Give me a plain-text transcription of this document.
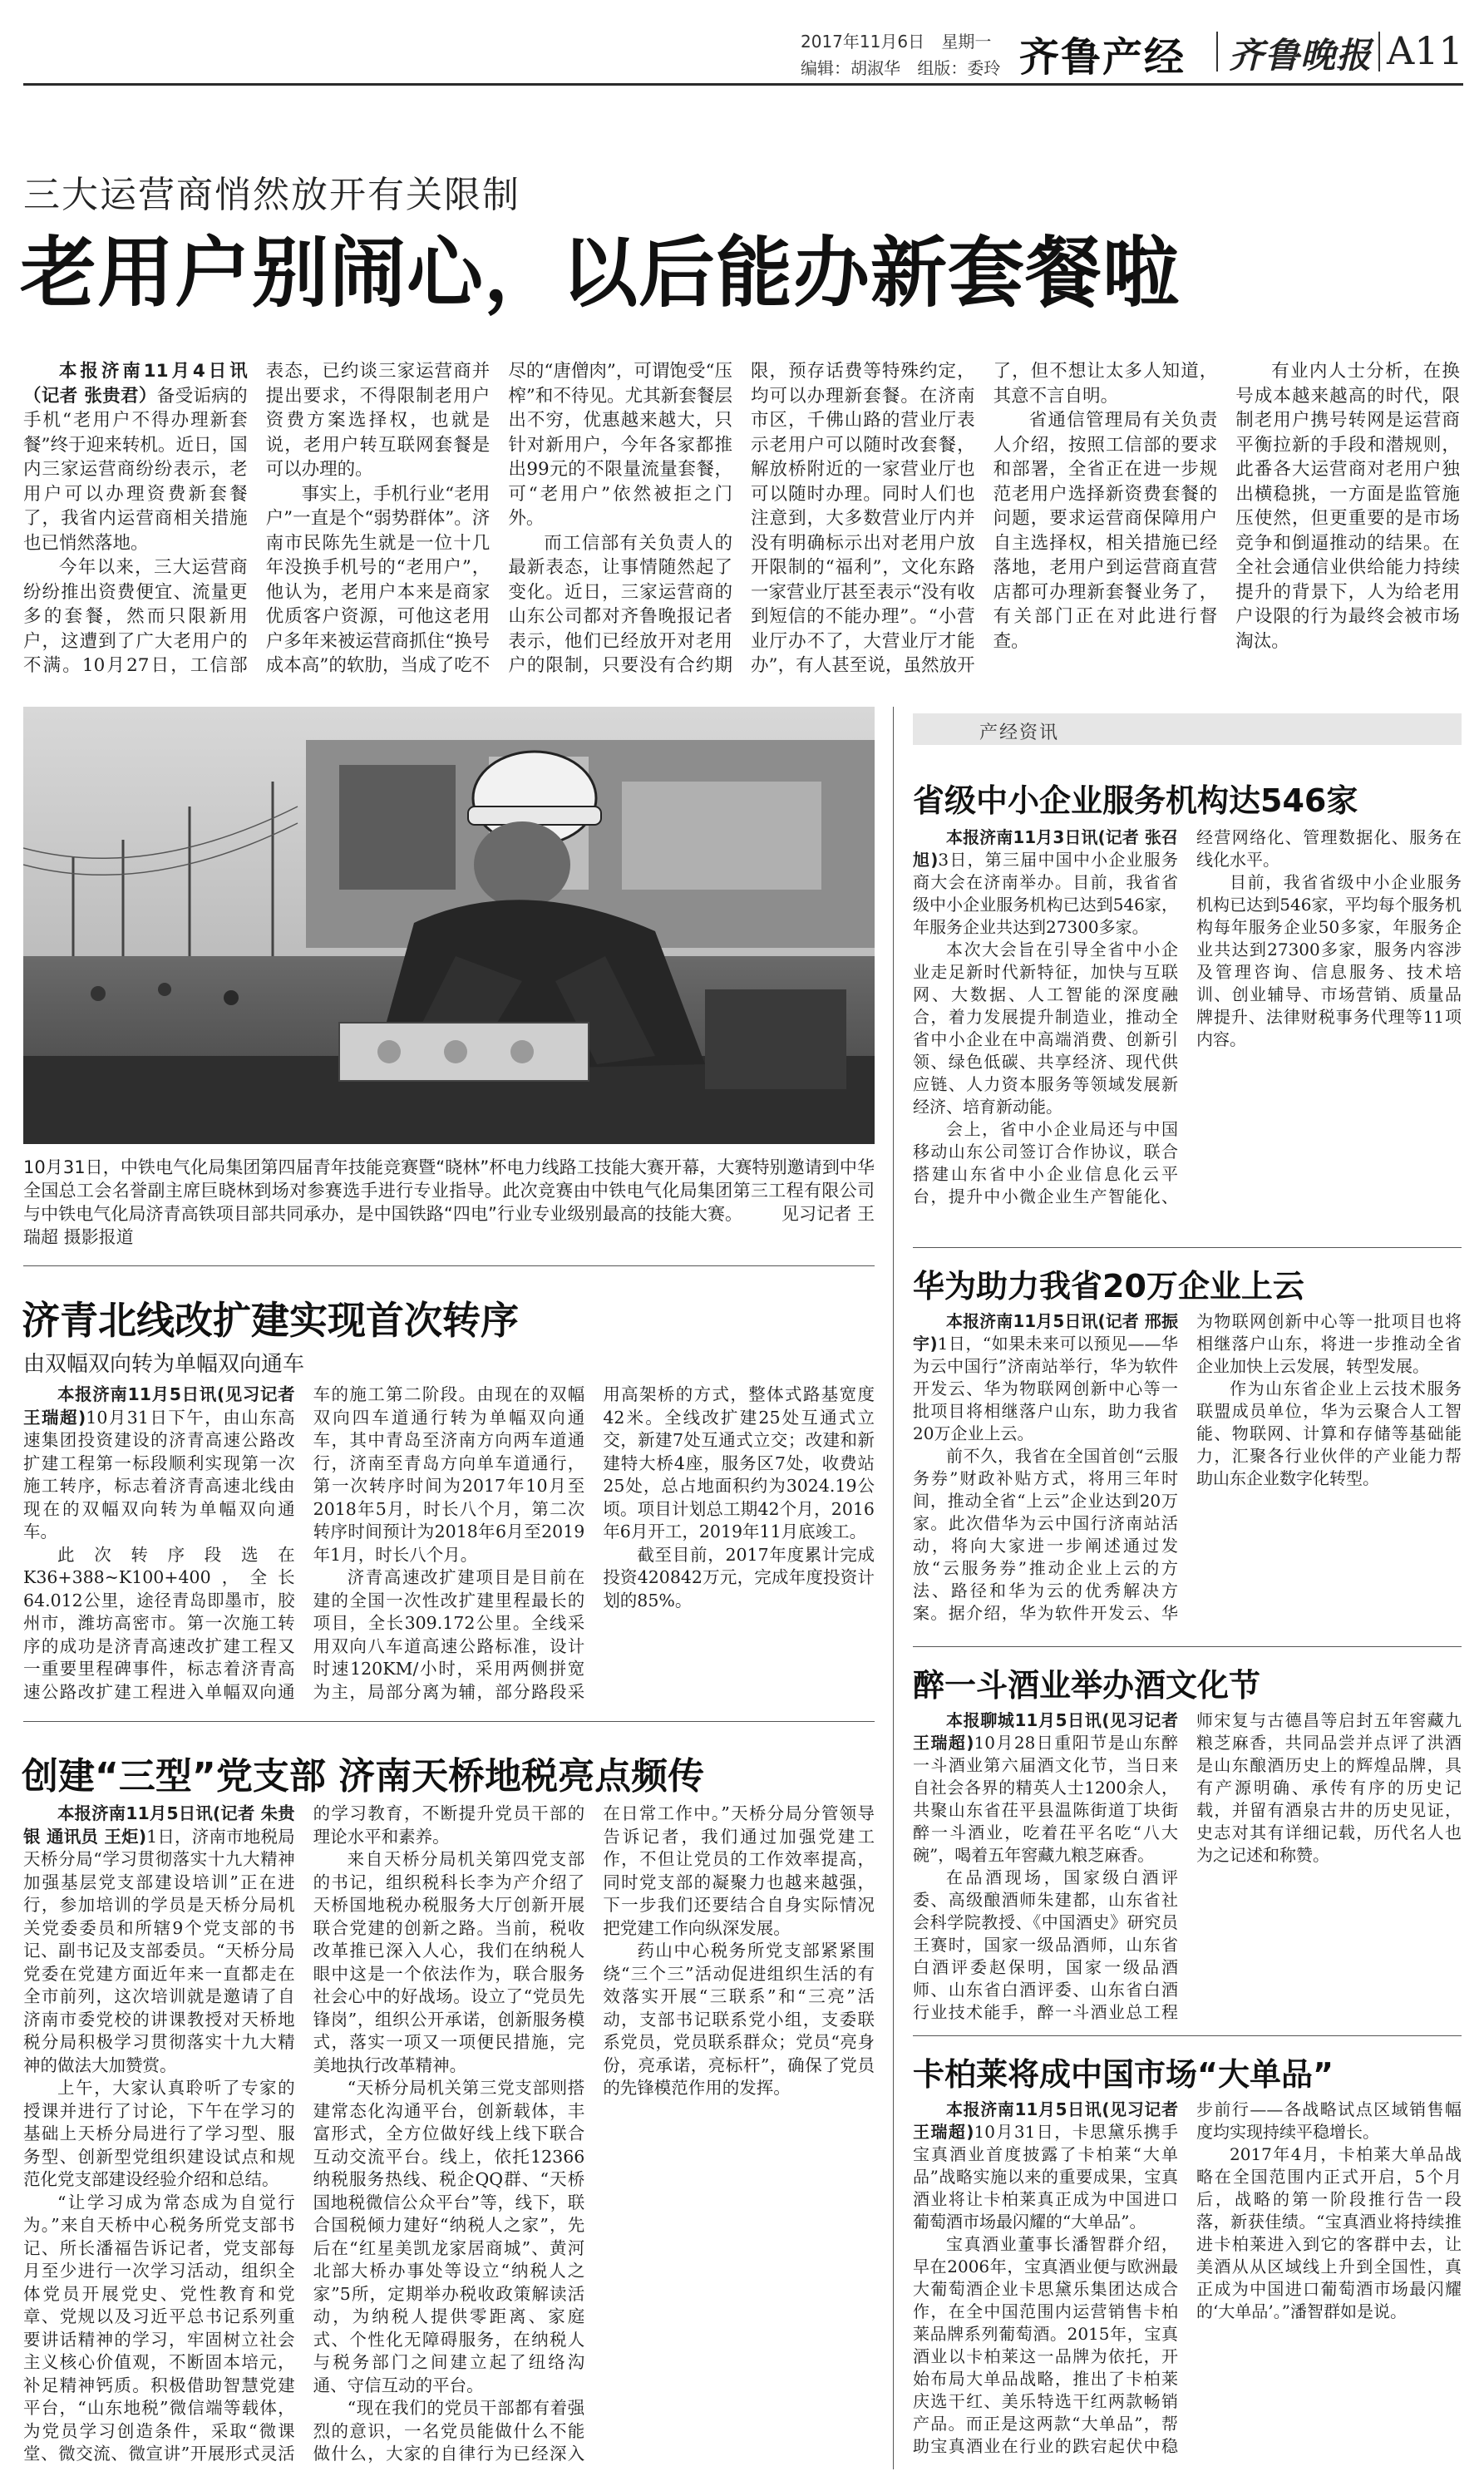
2017年11月6日 星期一
编辑：胡淑华 组版：委玲 齐鲁产经 齐鲁晚报 A11
三大运营商悄然放开有关限制
老用户别闹心，以后能办新套餐啦

本报济南11月4日讯（记者 张贵君）备受诟病的手机“老用户不得办理新套餐”终于迎来转机。近日，国内三家运营商纷纷表示，老用户可以办理资费新套餐了，我省内运营商相关措施也已悄然落地。

今年以来，三大运营商纷纷推出资费便宜、流量更多的套餐，然而只限新用户，这遭到了广大老用户的不满。10月27日，工信部表态，已约谈三家运营商并提出要求，不得限制老用户资费方案选择权，也就是说，老用户转互联网套餐是可以办理的。

事实上，手机行业“老用户”一直是个“弱势群体”。济南市民陈先生就是一位十几年没换手机号的“老用户”，他认为，老用户本来是商家优质客户资源，可他这老用户多年来被运营商抓住“换号成本高”的软肋，当成了吃不尽的“唐僧肉”，可谓饱受“压榨”和不待见。尤其新套餐层出不穷，优惠越来越大，只针对新用户，今年各家都推出99元的不限量流量套餐，可“老用户”依然被拒之门外。

而工信部有关负责人的最新表态，让事情随然起了变化。近日，三家运营商的山东公司都对齐鲁晚报记者表示，他们已经放开对老用户的限制，只要没有合约期限，预存话费等特殊约定，均可以办理新套餐。在济南市区，千佛山路的营业厅表示老用户可以随时改套餐，解放桥附近的一家营业厅也可以随时办理。同时人们也注意到，大多数营业厅内并没有明确标示出对老用户放开限制的“福利”，文化东路一家营业厅甚至表示“没有收到短信的不能办理”。“小营业厅办不了，大营业厅才能办”，有人甚至说，虽然放开了，但不想让太多人知道，其意不言自明。

省通信管理局有关负责人介绍，按照工信部的要求和部署，全省正在进一步规范老用户选择新资费套餐的问题，要求运营商保障用户自主选择权，相关措施已经落地，老用户到运营商直营店都可办理新套餐业务了，有关部门正在对此进行督查。

有业内人士分析，在换号成本越来越高的时代，限制老用户携号转网是运营商平衡拉新的手段和潜规则，此番各大运营商对老用户独出横稳挑，一方面是监管施压使然，但更重要的是市场竞争和倒逼推动的结果。在全社会通信业供给能力持续提升的背景下，人为给老用户设限的行为最终会被市场淘汰。

10月31日，中铁电气化局集团第四届青年技能竞赛暨“晓林”杯电力线路工技能大赛开幕，大赛特别邀请到中华全国总工会名誉副主席巨晓林到场对参赛选手进行专业指导。此次竞赛由中铁电气化局集团第三工程有限公司与中铁电气化局济青高铁项目部共同承办，是中国铁路“四电”行业专业级别最高的技能大赛。 见习记者 王瑞超 摄影报道
济青北线改扩建实现首次转序
由双幅双向转为单幅双向通车

本报济南11月5日讯(见习记者 王瑞超)10月31日下午，由山东高速集团投资建设的济青高速公路改扩建工程第一标段顺利实现第一次施工转序，标志着济青高速北线由现在的双幅双向转为单幅双向通车。

此次转序段选在K36+388~K100+400，全长64.012公里，途径青岛即墨市，胶州市，潍坊高密市。第一次施工转序的成功是济青高速改扩建工程又一重要里程碑事件，标志着济青高速公路改扩建工程进入单幅双向通车的施工第二阶段。由现在的双幅双向四车道通行转为单幅双向通车，其中青岛至济南方向两车道通行，济南至青岛方向单车道通行，第一次转序时间为2017年10月至2018年5月，时长八个月，第二次转序时间预计为2018年6月至2019年1月，时长八个月。

济青高速改扩建项目是目前在建的全国一次性改扩建里程最长的项目，全长309.172公里。全线采用双向八车道高速公路标准，设计时速120KM/小时，采用两侧拼宽为主，局部分离为辅，部分路段采用高架桥的方式，整体式路基宽度42米。全线改扩建25处互通式立交，新建7处互通式立交；改建和新建特大桥4座，服务区7处，收费站25处，总占地面积约为3024.19公顷。项目计划总工期42个月，2016年6月开工，2019年11月底竣工。

截至目前，2017年度累计完成投资420842万元，完成年度投资计划的85%。

创建“三型”党支部 济南天桥地税亮点频传

本报济南11月5日讯(记者 朱贵银 通讯员 王炬)1日，济南市地税局天桥分局“学习贯彻落实十九大精神加强基层党支部建设培训”正在进行，参加培训的学员是天桥分局机关党委委员和所辖9个党支部的书记、副书记及支部委员。“天桥分局党委在党建方面近年来一直都走在全市前列，这次培训就是邀请了自济南市委党校的讲课教授对天桥地税分局积极学习贯彻落实十九大精神的做法大加赞赏。

上午，大家认真聆听了专家的授课并进行了讨论，下午在学习的基础上天桥分局进行了学习型、服务型、创新型党组织建设试点和规范化党支部建设经验介绍和总结。

“让学习成为常态成为自觉行为。”来自天桥中心税务所党支部书记、所长潘福告诉记者，党支部每月至少进行一次学习活动，组织全体党员开展党史、党性教育和党章、党规以及习近平总书记系列重要讲话精神的学习，牢固树立社会主义核心价值观，不断固本培元，补足精神钙质。积极借助智慧党建平台，“山东地税”微信端等载体，为党员学习创造条件，采取“微课堂、微交流、微宣讲”开展形式灵活的学习教育，不断提升党员干部的理论水平和素养。

来自天桥分局机关第四党支部的书记，组织税科长李为产介绍了天桥国地税办税服务大厅创新开展联合党建的创新之路。当前，税收改革推已深入人心，我们在纳税人眼中这是一个依法作为，联合服务社会心中的好战场。设立了“党员先锋岗”，组织公开承诺，创新服务模式，落实一项又一项便民措施，完美地执行改革精神。

“天桥分局机关第三党支部则搭建常态化沟通平台，创新载体，丰富形式，全方位做好线上线下联合互动交流平台。线上，依托12366纳税服务热线、税企QQ群、“天桥国地税微信公众平台”等，线下，联合国税倾力建好“纳税人之家”，先后在“红星美凯龙家居商城”、黄河北部大桥办事处等设立“纳税人之家”5所，定期举办税收政策解读活动，为纳税人提供零距离、家庭式、个性化无障碍服务，在纳税人与税务部门之间建立起了纽络沟通、守信互动的平台。

“现在我们的党员干部都有着强烈的意识，一名党员能做什么不能做什么，大家的自律行为已经深入在日常工作中。”天桥分局分管领导告诉记者，我们通过加强党建工作，不但让党员的工作效率提高，同时党支部的凝聚力也越来越强，下一步我们还要结合自身实际情况把党建工作向纵深发展。

药山中心税务所党支部紧紧围绕“三个三”活动促进组织生活的有效落实开展“三联系”和“三亮”活动，支部书记联系党小组，支委联系党员，党员联系群众；党员“亮身份，亮承诺，亮标杆”，确保了党员的先锋模范作用的发挥。

产经资讯
省级中小企业服务机构达546家

本报济南11月3日讯(记者 张召旭)3日，第三届中国中小企业服务商大会在济南举办。目前，我省省级中小企业服务机构已达到546家，年服务企业共达到27300多家。

本次大会旨在引导全省中小企业走足新时代新特征，加快与互联网、大数据、人工智能的深度融合，着力发展提升制造业，推动全省中小企业在中高端消费、创新引领、绿色低碳、共享经济、现代供应链、人力资本服务等领域发展新经济、培育新动能。

会上，省中小企业局还与中国移动山东公司签订合作协议，联合搭建山东省中小企业信息化云平台，提升中小微企业生产智能化、经营网络化、管理数据化、服务在线化水平。

目前，我省省级中小企业服务机构已达到546家，平均每个服务机构每年服务企业50多家，年服务企业共达到27300多家，服务内容涉及管理咨询、信息服务、技术培训、创业辅导、市场营销、质量品牌提升、法律财税事务代理等11项内容。

华为助力我省20万企业上云

本报济南11月5日讯(记者 邢振宇)1日，“如果未来可以预见——华为云中国行”济南站举行，华为软件开发云、华为物联网创新中心等一批项目将相继落户山东，助力我省20万企业上云。

前不久，我省在全国首创“云服务券”财政补贴方式，将用三年时间，推动全省“上云”企业达到20万家。此次借华为云中国行济南站活动，将向大家进一步阐述通过发放“云服务券”推动企业上云的方法、路径和华为云的优秀解决方案。据介绍，华为软件开发云、华为物联网创新中心等一批项目也将相继落户山东，将进一步推动全省企业加快上云发展，转型发展。

作为山东省企业上云技术服务联盟成员单位，华为云聚合人工智能、物联网、计算和存储等基础能力，汇聚各行业伙伴的产业能力帮助山东企业数字化转型。

醉一斗酒业举办酒文化节

本报聊城11月5日讯(见习记者 王瑞超)10月28日重阳节是山东醉一斗酒业第六届酒文化节，当日来自社会各界的精英人士1200余人，共聚山东省茌平县温陈街道丁块街醉一斗酒业，吃着茌平名吃“八大碗”，喝着五年窖藏九粮芝麻香。

在品酒现场，国家级白酒评委、高级酿酒师朱建都，山东省社会科学院教授、《中国酒史》研究员王赛时，国家一级品酒师，山东省白酒评委赵保明，国家一级品酒师、山东省白酒评委、山东省白酒行业技术能手，醉一斗酒业总工程师宋复与古德昌等启封五年窖藏九粮芝麻香，共同品尝并点评了洪酒是山东酿酒历史上的辉煌品牌，具有产源明确、承传有序的历史记载，并留有酒泉古井的历史见证，史志对其有详细记载，历代名人也为之记述和称赞。

卡柏莱将成中国市场“大单品”

本报济南11月5日讯(见习记者 王瑞超)10月31日，卡思黛乐携手宝真酒业首度披露了卡柏莱“大单品”战略实施以来的重要成果，宝真酒业将让卡柏莱真正成为中国进口葡萄酒市场最闪耀的“大单品”。

宝真酒业董事长潘智群介绍，早在2006年，宝真酒业便与欧洲最大葡萄酒企业卡思黛乐集团达成合作，在全中国范围内运营销售卡柏莱品牌系列葡萄酒。2015年，宝真酒业以卡柏莱这一品牌为依托，开始布局大单品战略，推出了卡柏莱庆选干红、美乐特选干红两款畅销产品。而正是这两款“大单品”，帮助宝真酒业在行业的跌宕起伏中稳步前行——各战略试点区域销售幅度均实现持续平稳增长。

2017年4月，卡柏莱大单品战略在全国范围内正式开启，5个月后，战略的第一阶段推行告一段落，新获佳绩。“宝真酒业将持续推进卡柏莱进入到它的客群中去，让美酒从从区域线上升到全国性，真正成为中国进口葡萄酒市场最闪耀的‘大单品’。”潘智群如是说。
